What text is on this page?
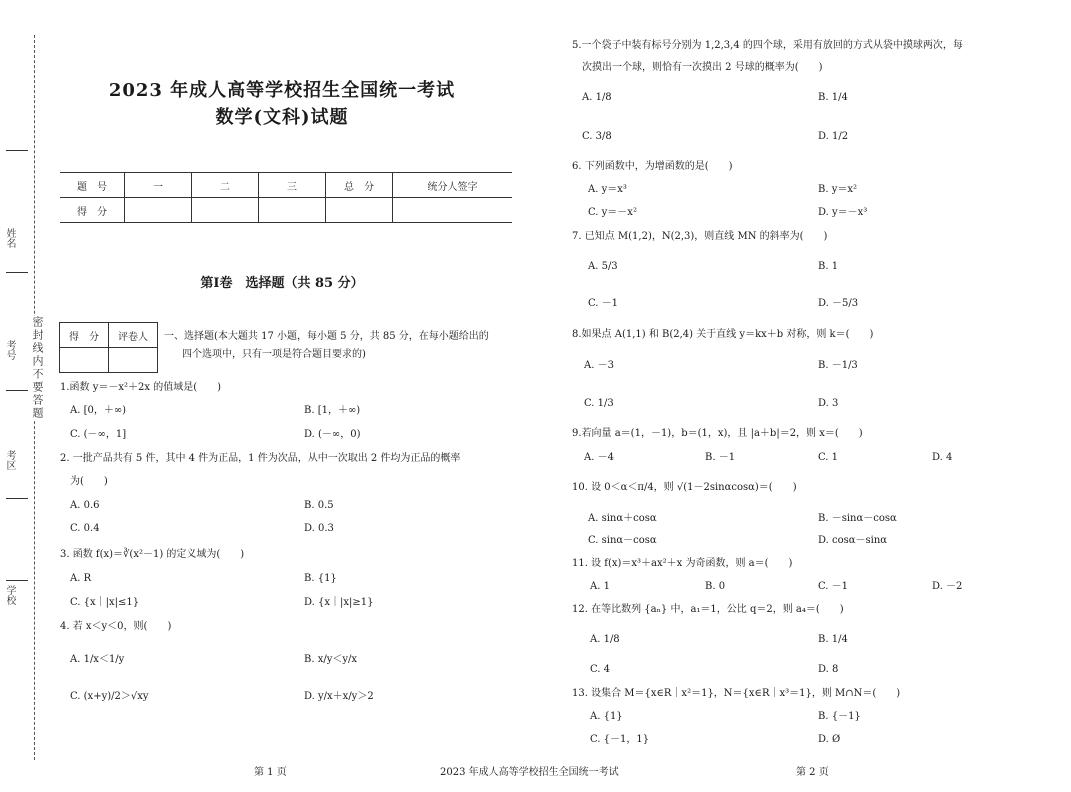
姓名
考号
考区
学校
密封线内不要答题
2023 年成人高等学校招生全国统一考试
数学(文科)试题
题　号	一	二	三	总　分	统分人签字
得　分					
第Ⅰ卷　选择题（共 85 分）
得　分	评卷人
	一、选择题(本大题共 17 小题，每小题 5 分，共 85 分，在每小题给出的
四个选项中，只有一项是符合题目要求的)
1.函数 y＝－x²＋2x 的值域是(　　)
A. [0，＋∞)	B. [1，＋∞)
C. (－∞，1]	D. (－∞，0)
2. 一批产品共有 5 件，其中 4 件为正品，1 件为次品，从中一次取出 2 件均为正品的概率
为(　　)
A. 0.6	B. 0.5
C. 0.4	D. 0.3
3. 函数 f(x)＝∛(x²－1) 的定义域为(　　)
A. R	B. {1}
C. {x｜|x|≤1}	D. {x｜|x|≥1}
4. 若 x＜y＜0，则(　　)
A. 1/x＜1/y	B. x/y＜y/x
C. (x+y)/2＞√xy	D. y/x＋x/y＞2
5.一个袋子中装有标号分别为 1,2,3,4 的四个球，采用有放回的方式从袋中摸球两次，每
次摸出一个球，则恰有一次摸出 2 号球的概率为(　　)
A. 1/8	B. 1/4
C. 3/8	D. 1/2
6. 下列函数中，为增函数的是(　　)
A. y＝x³	B. y＝x²
C. y＝－x²	D. y＝－x³
7. 已知点 M(1,2)，N(2,3)，则直线 MN 的斜率为(　　)
A. 5/3	B. 1
C. －1	D. －5/3
8.如果点 A(1,1) 和 B(2,4) 关于直线 y＝kx＋b 对称，则 k＝(　　)
A. －3	B. －1/3
C. 1/3	D. 3
9.若向量 a＝(1，－1)，b＝(1，x)，且 |a＋b|＝2，则 x＝(　　)
A. －4	B. －1	C. 1	D. 4
10. 设 0＜α＜π/4，则 √(1－2sinαcosα)＝(　　)
A. sinα＋cosα	B. －sinα－cosα
C. sinα－cosα	D. cosα－sinα
11. 设 f(x)＝x³＋ax²＋x 为奇函数，则 a＝(　　)
A. 1	B. 0	C. －1	D. －2
12. 在等比数列 {aₙ} 中，a₁＝1，公比 q＝2，则 a₄＝(　　)
A. 1/8	B. 1/4
C. 4	D. 8
13. 设集合 M＝{x∈R｜x²＝1}，N＝{x∈R｜x³＝1}，则 M∩N＝(　　)
A. {1}	B. {－1}
C. {－1，1}	D. Ø
第 1 页	2023 年成人高等学校招生全国统一考试	第 2 页
